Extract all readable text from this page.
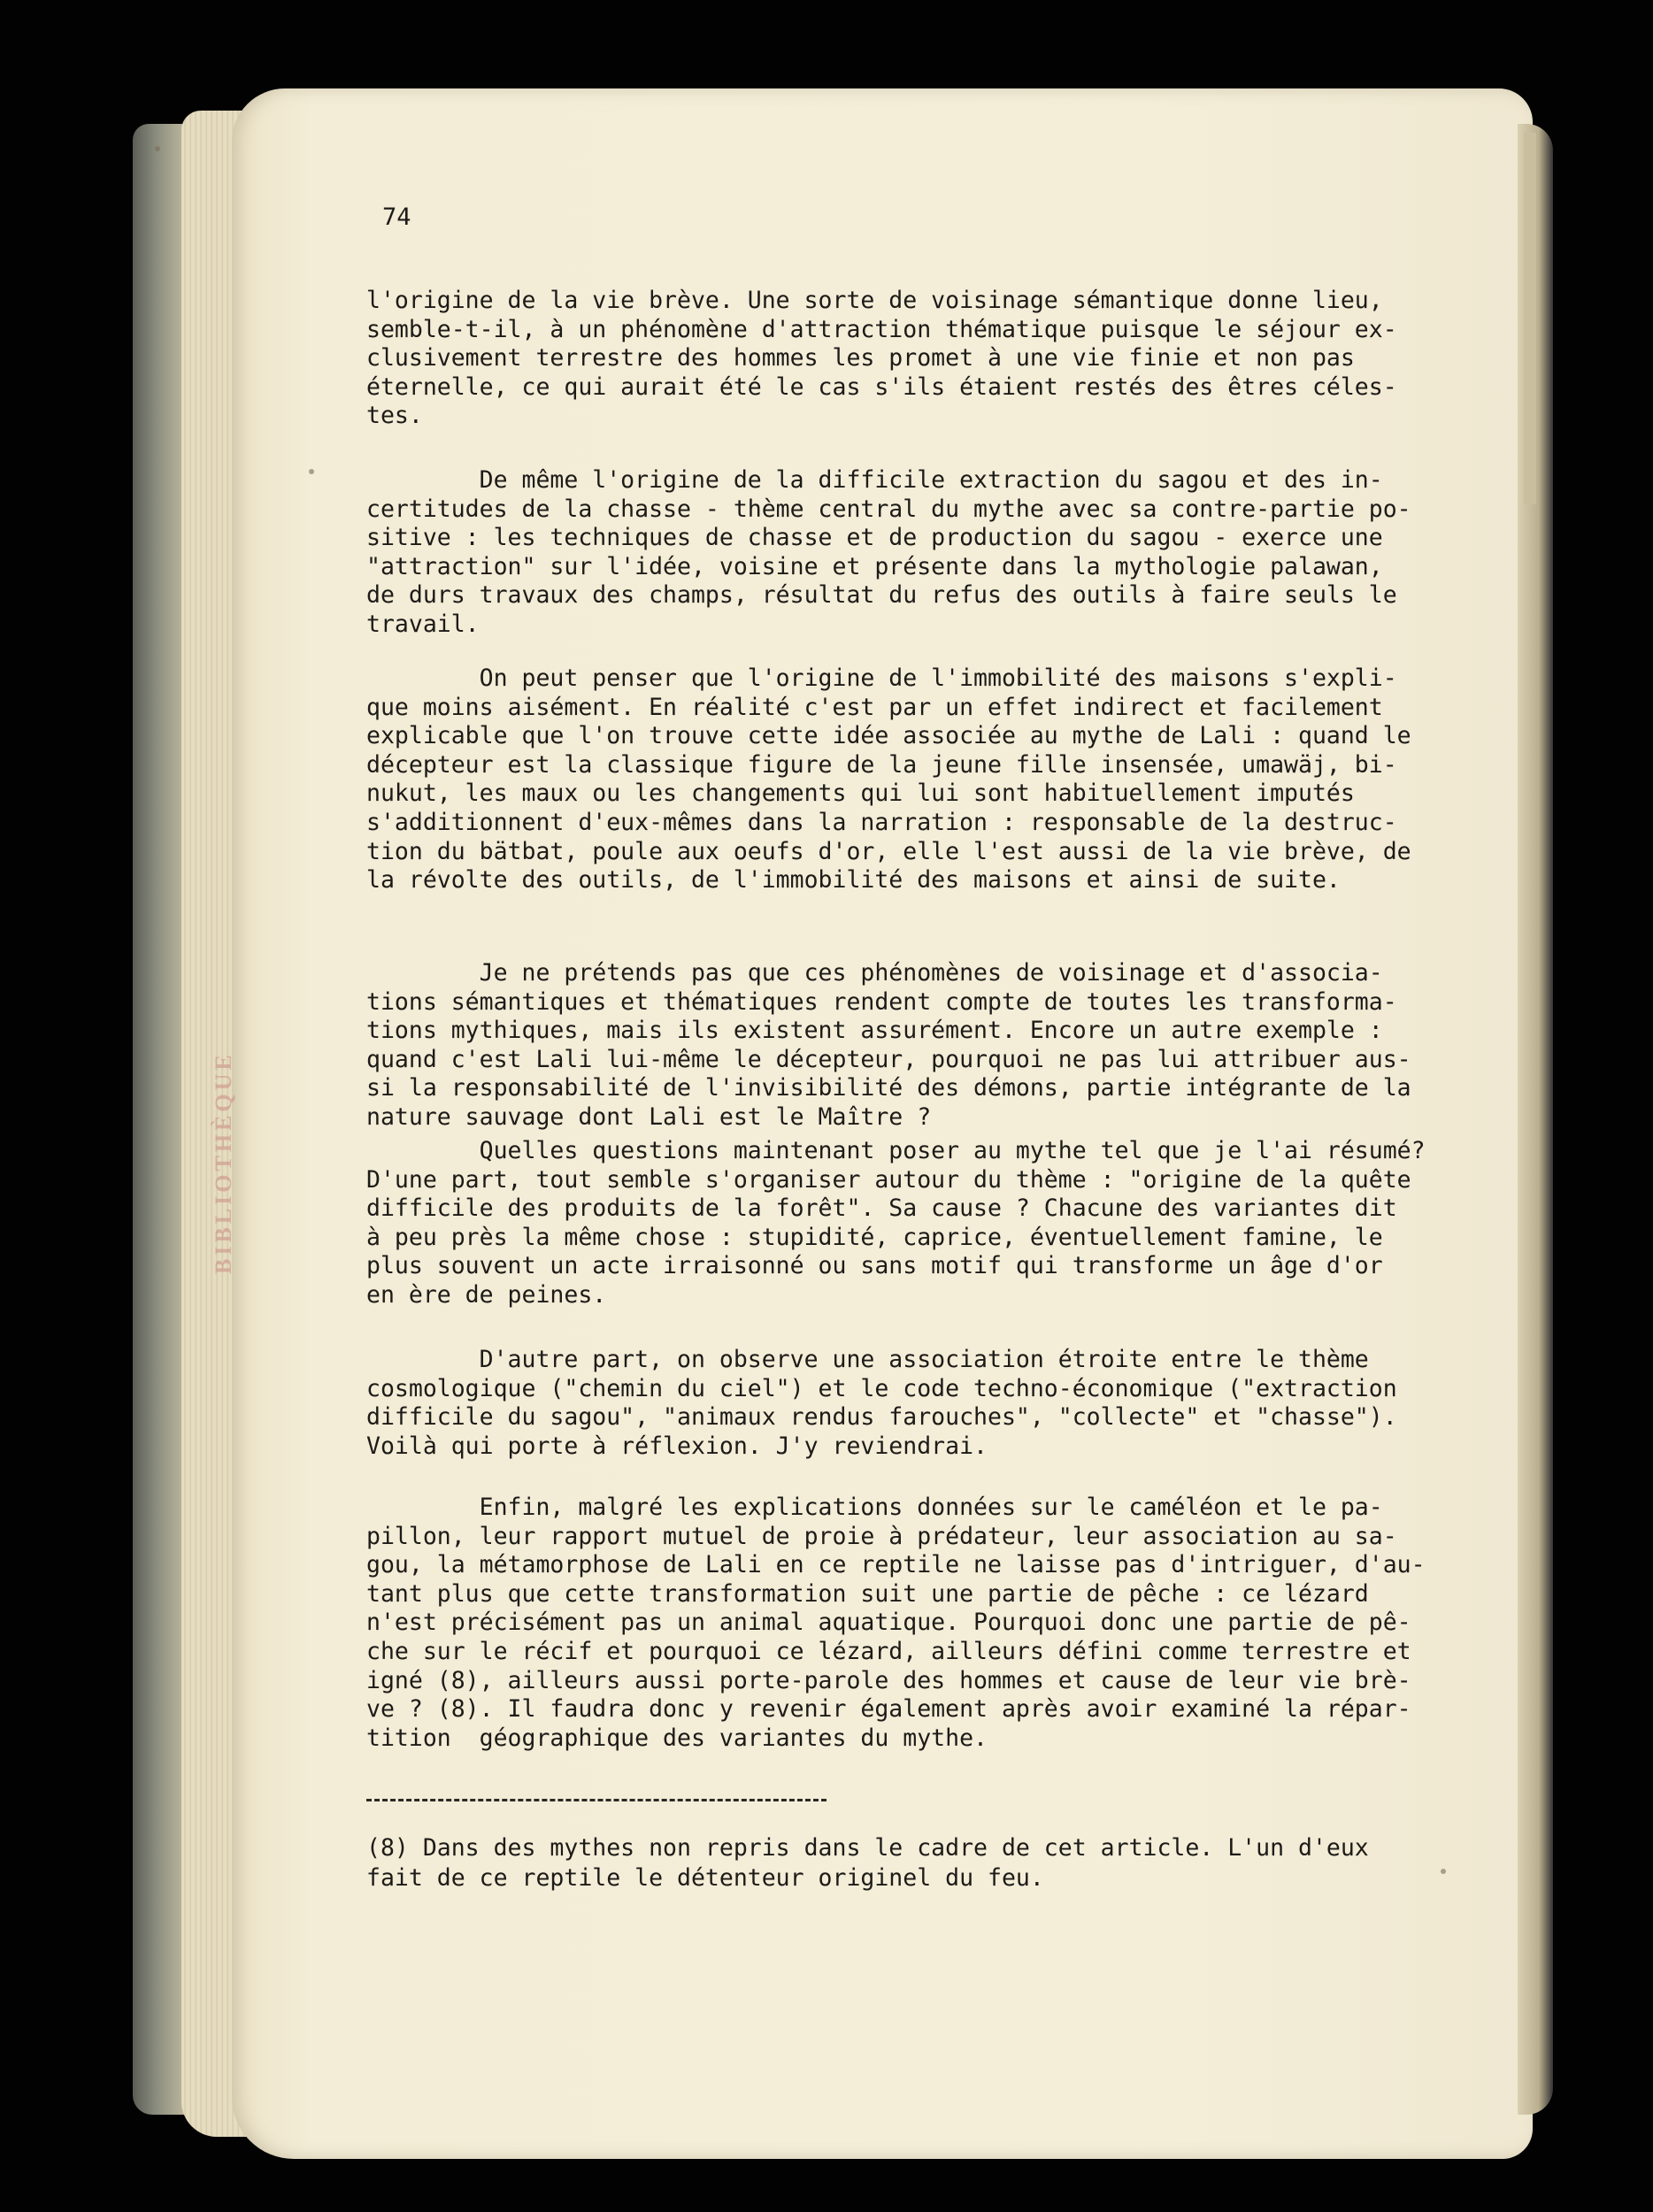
BIBLIOTHÈQUE
74

l'origine de la vie brève. Une sorte de voisinage sémantique donne lieu,
semble-t-il, à un phénomène d'attraction thématique puisque le séjour ex-
clusivement terrestre des hommes les promet à une vie finie et non pas
éternelle, ce qui aurait été le cas s'ils étaient restés des êtres céles-
tes.

De même l'origine de la difficile extraction du sagou et des in-
certitudes de la chasse - thème central du mythe avec sa contre-partie po-
sitive : les techniques de chasse et de production du sagou - exerce une
"attraction" sur l'idée, voisine et présente dans la mythologie palawan,
de durs travaux des champs, résultat du refus des outils à faire seuls le
travail.

On peut penser que l'origine de l'immobilité des maisons s'expli-
que moins aisément. En réalité c'est par un effet indirect et facilement
explicable que l'on trouve cette idée associée au mythe de Lali : quand le
décepteur est la classique figure de la jeune fille insensée, umawäj, bi-
nukut, les maux ou les changements qui lui sont habituellement imputés
s'additionnent d'eux-mêmes dans la narration : responsable de la destruc-
tion du bätbat, poule aux oeufs d'or, elle l'est aussi de la vie brève, de
la révolte des outils, de l'immobilité des maisons et ainsi de suite.

Je ne prétends pas que ces phénomènes de voisinage et d'associa-
tions sémantiques et thématiques rendent compte de toutes les transforma-
tions mythiques, mais ils existent assurément. Encore un autre exemple :
quand c'est Lali lui-même le décepteur, pourquoi ne pas lui attribuer aus-
si la responsabilité de l'invisibilité des démons, partie intégrante de la
nature sauvage dont Lali est le Maître ?

Quelles questions maintenant poser au mythe tel que je l'ai résumé?
D'une part, tout semble s'organiser autour du thème : "origine de la quête
difficile des produits de la forêt". Sa cause ? Chacune des variantes dit
à peu près la même chose : stupidité, caprice, éventuellement famine, le
plus souvent un acte irraisonné ou sans motif qui transforme un âge d'or
en ère de peines.

D'autre part, on observe une association étroite entre le thème
cosmologique ("chemin du ciel") et le code techno-économique ("extraction
difficile du sagou", "animaux rendus farouches", "collecte" et "chasse").
Voilà qui porte à réflexion. J'y reviendrai.

Enfin, malgré les explications données sur le caméléon et le pa-
pillon, leur rapport mutuel de proie à prédateur, leur association au sa-
gou, la métamorphose de Lali en ce reptile ne laisse pas d'intriguer, d'au-
tant plus que cette transformation suit une partie de pêche : ce lézard
n'est précisément pas un animal aquatique. Pourquoi donc une partie de pê-
che sur le récif et pourquoi ce lézard, ailleurs défini comme terrestre et
igné (8), ailleurs aussi porte-parole des hommes et cause de leur vie brè-
ve ? (8). Il faudra donc y revenir également après avoir examiné la répar-
tition  géographique des variantes du mythe.

(8) Dans des mythes non repris dans le cadre de cet article. L'un d'eux
fait de ce reptile le détenteur originel du feu.
